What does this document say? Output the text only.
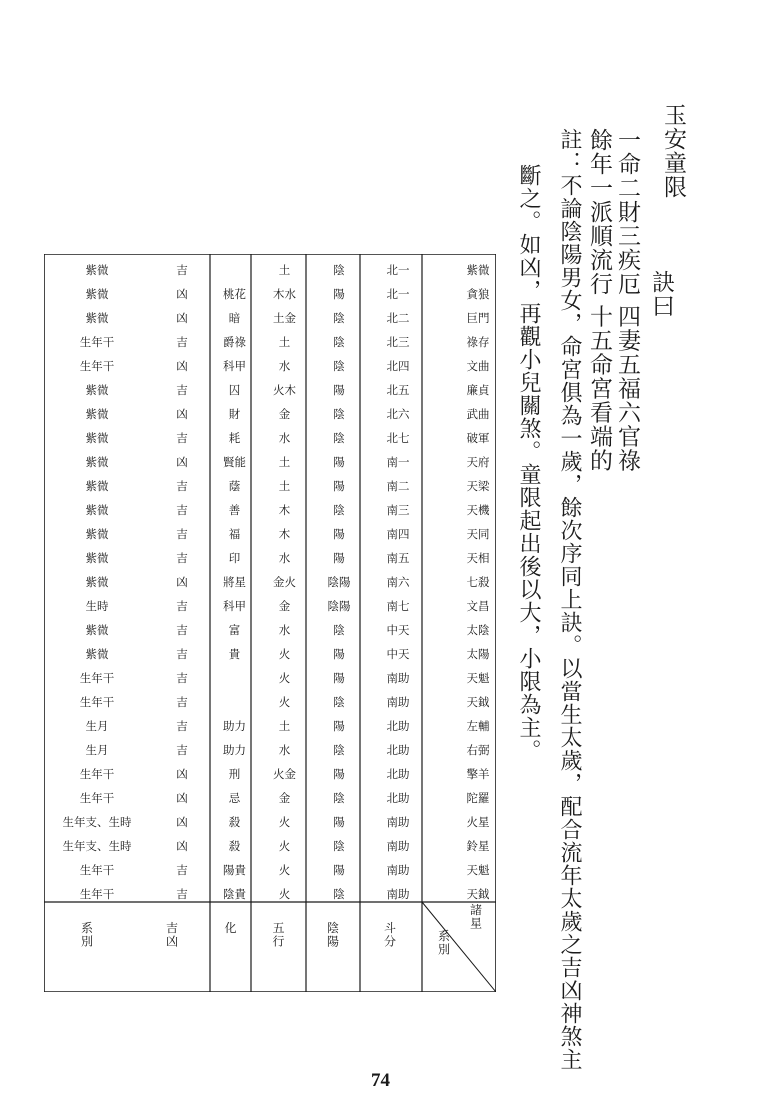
玉安童限
訣曰
一命二財三疾厄 四妻五福六官祿
餘年一派順流行 十五命宮看端的
註：不論陰陽男女，命宮俱為一歲，餘次序同上訣。以當生太歲，配合流年太歲之吉凶神煞主
斷之。如凶，再觀小兒關煞。童限起出後以大，小限為主。
諸星
系別
斗分
陰陽
五行
化
吉凶
系別
紫微
北一
陰
土
吉
紫微
貪狼
北一
陽
木水
桃花
凶
紫微
巨門
北二
陰
土金
暗
凶
紫微
祿存
北三
陰
土
爵祿
吉
生年干
文曲
北四
陰
水
科甲
凶
生年干
廉貞
北五
陽
火木
囚
吉
紫微
武曲
北六
陰
金
財
凶
紫微
破軍
北七
陰
水
耗
吉
紫微
天府
南一
陽
土
賢能
凶
紫微
天梁
南二
陽
土
蔭
吉
紫微
天機
南三
陰
木
善
吉
紫微
天同
南四
陽
木
福
吉
紫微
天相
南五
陽
水
印
吉
紫微
七殺
南六
陰陽
金火
將星
凶
紫微
文昌
南七
陰陽
金
科甲
吉
生時
太陰
中天
陰
水
富
吉
紫微
太陽
中天
陽
火
貴
吉
紫微
天魁
南助
陽
火
吉
生年干
天鉞
南助
陰
火
吉
生年干
左輔
北助
陽
土
助力
吉
生月
右弼
北助
陰
水
助力
吉
生月
擎羊
北助
陽
火金
刑
凶
生年干
陀羅
北助
陰
金
忌
凶
生年干
火星
南助
陽
火
殺
凶
生年支、生時
鈴星
南助
陰
火
殺
凶
生年支、生時
天魁
南助
陽
火
陽貴
吉
生年干
天鉞
南助
陰
火
陰貴
吉
生年干
74
